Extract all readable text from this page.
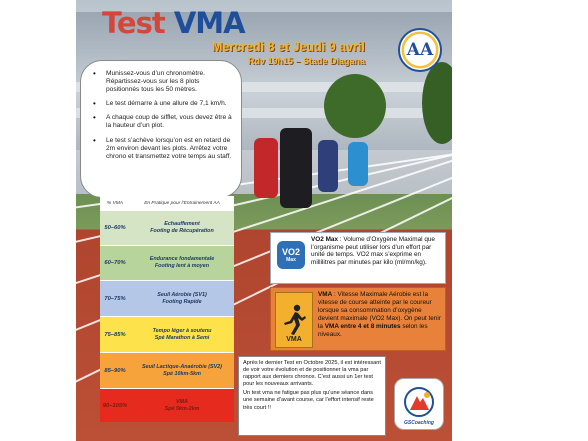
Test VMA
Mercredi 8 et Jeudi 9 avril
Rdv 19h15 – Stade Diagana
AA
• Munissez-vous d’un chronomètre. Répartissez-vous sur les 8 plots positionnés tous les 50 mètres.
• Le test démarre à une allure de 7,1 km/h.
• A chaque coup de sifflet, vous devez être à la hauteur d’un plot.
• Le test s’achève lorsqu’on est en retard de 2m environ devant les plots. Arrêtez votre chrono et transmettez votre temps au staff.
% VMA	En Pratique pour l’Entrainement AA
50–60%
Echauffement
Footing de Récupération
60–70%
Endurance fondamentale
Footing lent à moyen
70–75%
Seuil Aérobie (SV1)
Footing Rapide
75–85%
Tempo léger à soutenu
Spé Marathon à Semi
85–90%
Seuil Lactique-Anaérobie (SV2)
Spé 10km-5km
90–105%
VMA
Spé 5km-2km
VO2
Max
VO2 Max : Volume d’Oxygène Maximal que l’organisme peut utiliser lors d’un effort par unité de temps. VO2 max s’exprime en millilitres par minutes par kilo (ml/mn/kg).
VMA
VMA : Vitesse Maximale Aérobie est la vitesse de course atteinte par le coureur lorsque sa consommation d’oxygène devient maximale (VO2 Max). On peut tenir la VMA entre 4 et 8 minutes selon les niveaux.
Après le dernier Test en Octobre 2025, il est intéressant de voir votre évolution et de positionner la vma par rapport aux derniers chronos. C’est aussi un 1er test pour les nouveaux arrivants.
Un test vma ne fatigue pas plus qu’une séance dans une semaine d’avant course, car l’effort intensif reste très court !!
GSCoaching
